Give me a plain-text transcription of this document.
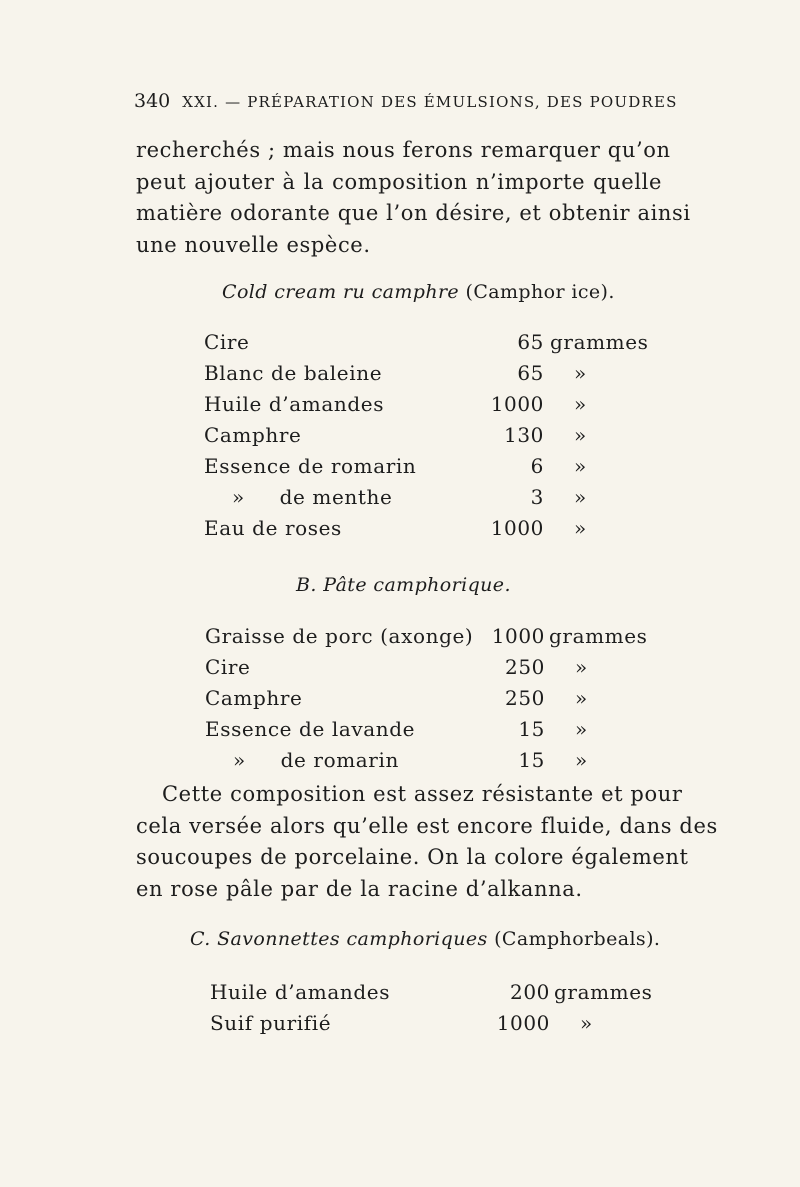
340 XXI. — PRÉPARATION DES ÉMULSIONS, DES POUDRES
recherchés ; mais nous ferons remarquer qu’on
peut ajouter à la composition n’importe quelle
matière odorante que l’on désire, et obtenir ainsi
une nouvelle espèce.
Cold cream ru camphre (Camphor ice).
Cire	65 grammes
Blanc de baleine	65 »
Huile d’amandes	1000 »
Camphre	130 »
Essence de romarin	6 »
»     de menthe	3 »
Eau de roses	1000 »
B. Pâte camphorique.
Graisse de porc (axonge) 1000 grammes
Cire	250 »
Camphre	250 »
Essence de lavande	15 »
»     de romarin	15 »
Cette composition est assez résistante et pour
cela versée alors qu’elle est encore fluide, dans des
soucoupes de porcelaine. On la colore également
en rose pâle par de la racine d’alkanna.
C. Savonnettes camphoriques (Camphorbeals).
Huile d’amandes	200 grammes
Suif purifié	1000 »
